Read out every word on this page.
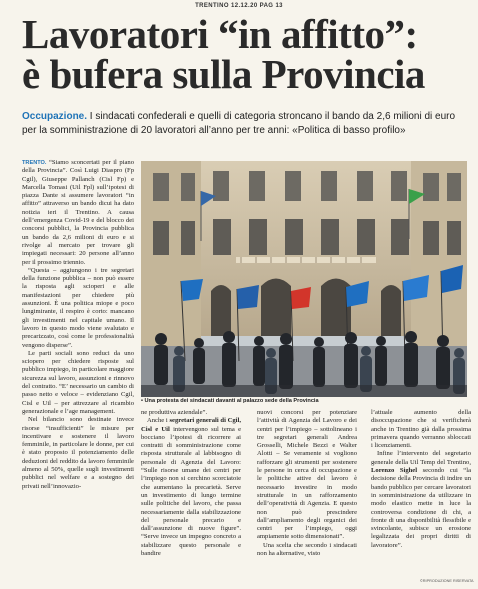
TRENTINO 12.12.20 PAG 13
Lavoratori “in affitto”:
è bufera sulla Provincia
Occupazione. I sindacati confederali e quelli di categoria stroncano il bando da 2,6 milioni di euro per la somministrazione di 20 lavoratori all’anno per tre anni: «Politica di basso profilo»

TRENTO. “Siamo sconcertati per il piano della Provincia”. Così Luigi Diaspro (Fp Cgil), Giuseppe Pallanch (Cisl Fp) e Marcella Tomasi (Uil Fpl) sull’ipotesi di piazza Dante si assumere lavoratori “in affitto” attraverso un bando dicui ha dato notizia ieri il Trentino. A causa dell’emergenza Covid-19 e del blocco dei concorsi pubblici, la Provincia pubblica un bando da 2,6 milioni di euro e si rivolge al mercato per trovare gli impiegati necessari: 20 persone all’anno per il prossimo triennio.

“Questa – aggiungono i tre segretari della funzione pubblica – non può essere la risposta agli scioperi e alle manifestazioni per chiedere più assunzioni. È una politica miope e poco lungimirante, il respiro è corto: mancano gli investimenti nel capitale umano. Il lavoro in questo modo viene svalutato e precarizzato, così come le professionalità vengono disperse”.

Le parti sociali sono reduci da uno sciopero per chiedere risposte sul pubblico impiego, in particolare maggiore sicurezza sul lavoro, assunzioni e rinnovo del contratto. “E’ necessario un cambio di passo netto e veloce – evidenziano Cgil, Cisl e Uil – per attrezzare al ricambio generazionale e l’age management.

Nel bilancio sono destinate invece risorse “insufficienti” le misure per incentivare e sostenere il lavoro femminile, in particolare le donne, per cui è stato proposto il potenziamento delle deduzioni del reddito da lavoro femminile almeno al 50%, quelle sugli investimenti pubblici nel welfare e a sostegno dei privati nell’innovazio-

• Una protesta dei sindacati davanti al palazzo sede della Provincia

ne produttiva aziendale”.

Anche i segretari generali di Cgil, Cisl e Uil intervengono sul tema e bocciano l’ipotesi di ricorrere ai contratti di somministrazione come risposta strutturale al labbisogno di personale di Agenzia del Lavoro: “Sulle risorse umane dei centri per l’impiego non si cerchino scorciatoie che aumentano la precarietà. Serve un investimento di lungo termine sulle politiche del lavoro, che passa necessariamente dalla stabilizzazione del personale precario e dall’assunzione di nuove figure”. “Serve invece un impegno concreto a stabilizzare questo personale e bandire

nuovi concorsi per potenziare l’attività di Agenzia del Lavoro e dei centri per l’impiego – sottolineano i tre segretari generali Andrea Grosselli, Michele Bezzi e Walter Alotti – Se veramente si vogliono rafforzare gli strumenti per sostenere le persone in cerca di occupazione e le politiche attive del lavoro è necessario investire in modo strutturale in un rafforzamento dell’operatività di Agenzia. E questo non può prescindere dall’ampliamento degli organici dei centri per l’impiego, oggi ampiamente sotto dimensionati”.

Una scelta che secondo i sindacati non ha alternative, visto

l’attuale aumento della disoccupazione che si verificherà anche in Trentino già dalla prossima primavera quando verranno sbloccati i licenziamenti.

Infine l’intervento del segretario generale della Uil Temp del Trentino, Lorenzo Sighel secondo cui “la decisione della Provincia di indire un bando pubblico per cercare lavoratori in somministrazione da utilizzare in modo elastico mette in luce la controversa condizione di chi, a fronte di una disponibilità flessibile e svincolante, subisce un erosione legalizzata dei propri diritti di lavoratore”.

©RIPRODUZIONE RISERVATA
